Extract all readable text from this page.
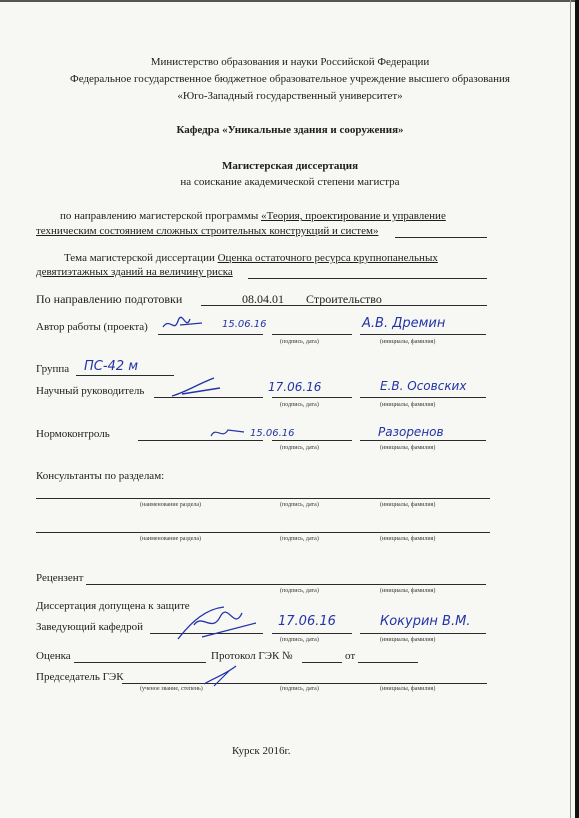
Министерство образования и науки Российской Федерации
Федеральное государственное бюджетное образовательное учреждение высшего образования
«Юго-Западный государственный университет»
Кафедра «Уникальные здания и сооружения»
Магистерская диссертация
на соискание академической степени магистра
по направлению магистерской программы «Теория, проектирование и управление
техническим состоянием сложных строительных конструкций и систем»
Тема магистерской диссертации Оценка остаточного ресурса крупнопанельных
девятиэтажных зданий на величину риска
По направлению подготовки	08.04.01 Строительство
Автор работы (проекта)	15.06.16	А.В. Дремин
(подпись, дата)	(инициалы, фамилия)
Группа ПС-42 м
Научный руководитель	17.06.16	Е.В. Осовских
(подпись, дата)	(инициалы, фамилия)
Нормоконтроль	15.06.16	Разоренов
(подпись, дата)	(инициалы, фамилия)
Консультанты по разделам:
(наименование раздела)	(подпись, дата)	(инициалы, фамилия)
(наименование раздела)	(подпись, дата)	(инициалы, фамилия)
Рецензент
(подпись, дата)	(инициалы, фамилия)
Диссертация допущена к защите
Заведующий кафедрой	17.06.16	Кокурин В.М.
(подпись, дата)	(инициалы, фамилия)
Оценка	Протокол ГЭК №	от
Председатель ГЭК
(ученое звание, степень)	(подпись, дата)	(инициалы, фамилия)
Курск 2016г.
